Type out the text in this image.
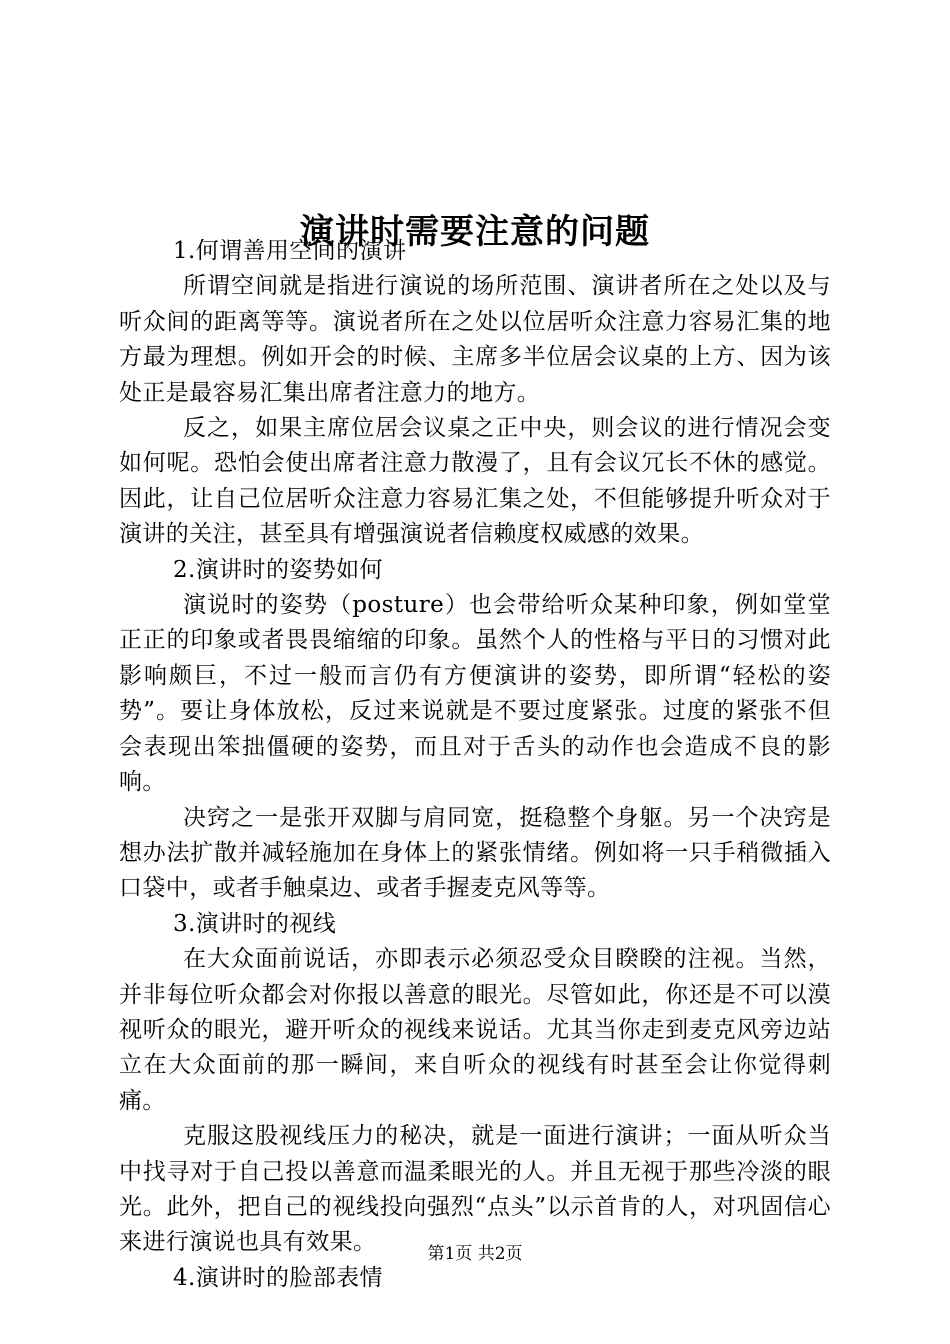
演讲时需要注意的问题

1.何谓善用空间的演讲

所谓空间就是指进行演说的场所范围、演讲者所在之处以及与听众间的距离等等。演说者所在之处以位居听众注意力容易汇集的地方最为理想。例如开会的时候、主席多半位居会议桌的上方、因为该处正是最容易汇集出席者注意力的地方。

反之，如果主席位居会议桌之正中央，则会议的进行情况会变如何呢。恐怕会使出席者注意力散漫了，且有会议冗长不休的感觉。因此，让自己位居听众注意力容易汇集之处，不但能够提升听众对于演讲的关注，甚至具有增强演说者信赖度权威感的效果。

2.演讲时的姿势如何

演说时的姿势（posture）也会带给听众某种印象，例如堂堂正正的印象或者畏畏缩缩的印象。虽然个人的性格与平日的习惯对此影响颇巨，不过一般而言仍有方便演讲的姿势，即所谓“轻松的姿势”。要让身体放松，反过来说就是不要过度紧张。过度的紧张不但会表现出笨拙僵硬的姿势，而且对于舌头的动作也会造成不良的影响。

决窍之一是张开双脚与肩同宽，挺稳整个身躯。另一个决窍是想办法扩散并减轻施加在身体上的紧张情绪。例如将一只手稍微插入口袋中，或者手触桌边、或者手握麦克风等等。

3.演讲时的视线

在大众面前说话，亦即表示必须忍受众目睽睽的注视。当然，并非每位听众都会对你报以善意的眼光。尽管如此，你还是不可以漠视听众的眼光，避开听众的视线来说话。尤其当你走到麦克风旁边站立在大众面前的那一瞬间，来自听众的视线有时甚至会让你觉得刺痛。

克服这股视线压力的秘决，就是一面进行演讲；一面从听众当中找寻对于自己投以善意而温柔眼光的人。并且无视于那些冷淡的眼光。此外，把自己的视线投向强烈“点头”以示首肯的人，对巩固信心来进行演说也具有效果。

4.演讲时的脸部表情

第1页 共2页
